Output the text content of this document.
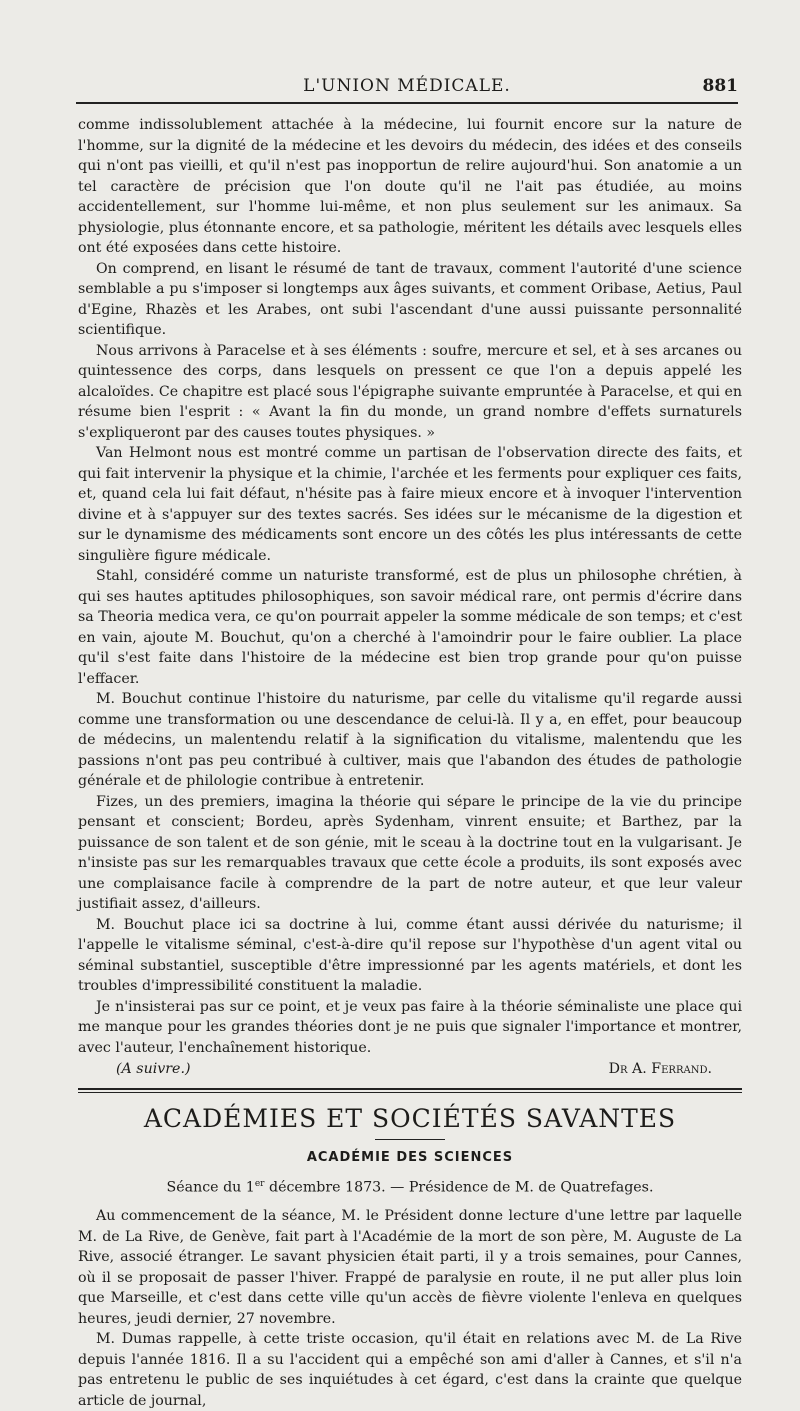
L'UNION MÉDICALE.	881

comme indissolublement attachée à la médecine, lui fournit encore sur la nature de l'homme, sur la dignité de la médecine et les devoirs du médecin, des idées et des conseils qui n'ont pas vieilli, et qu'il n'est pas inopportun de relire aujourd'hui. Son anatomie a un tel caractère de précision que l'on doute qu'il ne l'ait pas étudiée, au moins accidentellement, sur l'homme lui-même, et non plus seulement sur les animaux. Sa physiologie, plus étonnante encore, et sa pathologie, méritent les détails avec lesquels elles ont été exposées dans cette histoire.

On comprend, en lisant le résumé de tant de travaux, comment l'autorité d'une science semblable a pu s'imposer si longtemps aux âges suivants, et comment Oribase, Aetius, Paul d'Egine, Rhazès et les Arabes, ont subi l'ascendant d'une aussi puissante personnalité scientifique.

Nous arrivons à Paracelse et à ses éléments : soufre, mercure et sel, et à ses arcanes ou quintessence des corps, dans lesquels on pressent ce que l'on a depuis appelé les alcaloïdes. Ce chapitre est placé sous l'épigraphe suivante empruntée à Paracelse, et qui en résume bien l'esprit : « Avant la fin du monde, un grand nombre d'effets surnaturels s'expliqueront par des causes toutes physiques. »

Van Helmont nous est montré comme un partisan de l'observation directe des faits, et qui fait intervenir la physique et la chimie, l'archée et les ferments pour expliquer ces faits, et, quand cela lui fait défaut, n'hésite pas à faire mieux encore et à invoquer l'intervention divine et à s'appuyer sur des textes sacrés. Ses idées sur le mécanisme de la digestion et sur le dynamisme des médicaments sont encore un des côtés les plus intéressants de cette singulière figure médicale.

Stahl, considéré comme un naturiste transformé, est de plus un philosophe chrétien, à qui ses hautes aptitudes philosophiques, son savoir médical rare, ont permis d'écrire dans sa Theoria medica vera, ce qu'on pourrait appeler la somme médicale de son temps; et c'est en vain, ajoute M. Bouchut, qu'on a cherché à l'amoindrir pour le faire oublier. La place qu'il s'est faite dans l'histoire de la médecine est bien trop grande pour qu'on puisse l'effacer.

M. Bouchut continue l'histoire du naturisme, par celle du vitalisme qu'il regarde aussi comme une transformation ou une descendance de celui-là. Il y a, en effet, pour beaucoup de médecins, un malentendu relatif à la signification du vitalisme, malentendu que les passions n'ont pas peu contribué à cultiver, mais que l'abandon des études de pathologie générale et de philologie contribue à entretenir.

Fizes, un des premiers, imagina la théorie qui sépare le principe de la vie du principe pensant et conscient; Bordeu, après Sydenham, vinrent ensuite; et Barthez, par la puissance de son talent et de son génie, mit le sceau à la doctrine tout en la vulgarisant. Je n'insiste pas sur les remarquables travaux que cette école a produits, ils sont exposés avec une complaisance facile à comprendre de la part de notre auteur, et que leur valeur justifiait assez, d'ailleurs.

M. Bouchut place ici sa doctrine à lui, comme étant aussi dérivée du naturisme; il l'appelle le vitalisme séminal, c'est-à-dire qu'il repose sur l'hypothèse d'un agent vital ou séminal substantiel, susceptible d'être impressionné par les agents matériels, et dont les troubles d'impressibilité constituent la maladie.

Je n'insisterai pas sur ce point, et je veux pas faire à la théorie séminaliste une place qui me manque pour les grandes théories dont je ne puis que signaler l'importance et montrer, avec l'auteur, l'enchaînement historique.

(A suivre.)	Dr A. Ferrand.
ACADÉMIES ET SOCIÉTÉS SAVANTES
ACADÉMIE DES SCIENCES
Séance du 1er décembre 1873. — Présidence de M. de Quatrefages.

Au commencement de la séance, M. le Président donne lecture d'une lettre par laquelle M. de La Rive, de Genève, fait part à l'Académie de la mort de son père, M. Auguste de La Rive, associé étranger. Le savant physicien était parti, il y a trois semaines, pour Cannes, où il se proposait de passer l'hiver. Frappé de paralysie en route, il ne put aller plus loin que Marseille, et c'est dans cette ville qu'un accès de fièvre violente l'enleva en quelques heures, jeudi dernier, 27 novembre.

M. Dumas rappelle, à cette triste occasion, qu'il était en relations avec M. de La Rive depuis l'année 1816. Il a su l'accident qui a empêché son ami d'aller à Cannes, et s'il n'a pas entretenu le public de ses inquiétudes à cet égard, c'est dans la crainte que quelque article de journal,
